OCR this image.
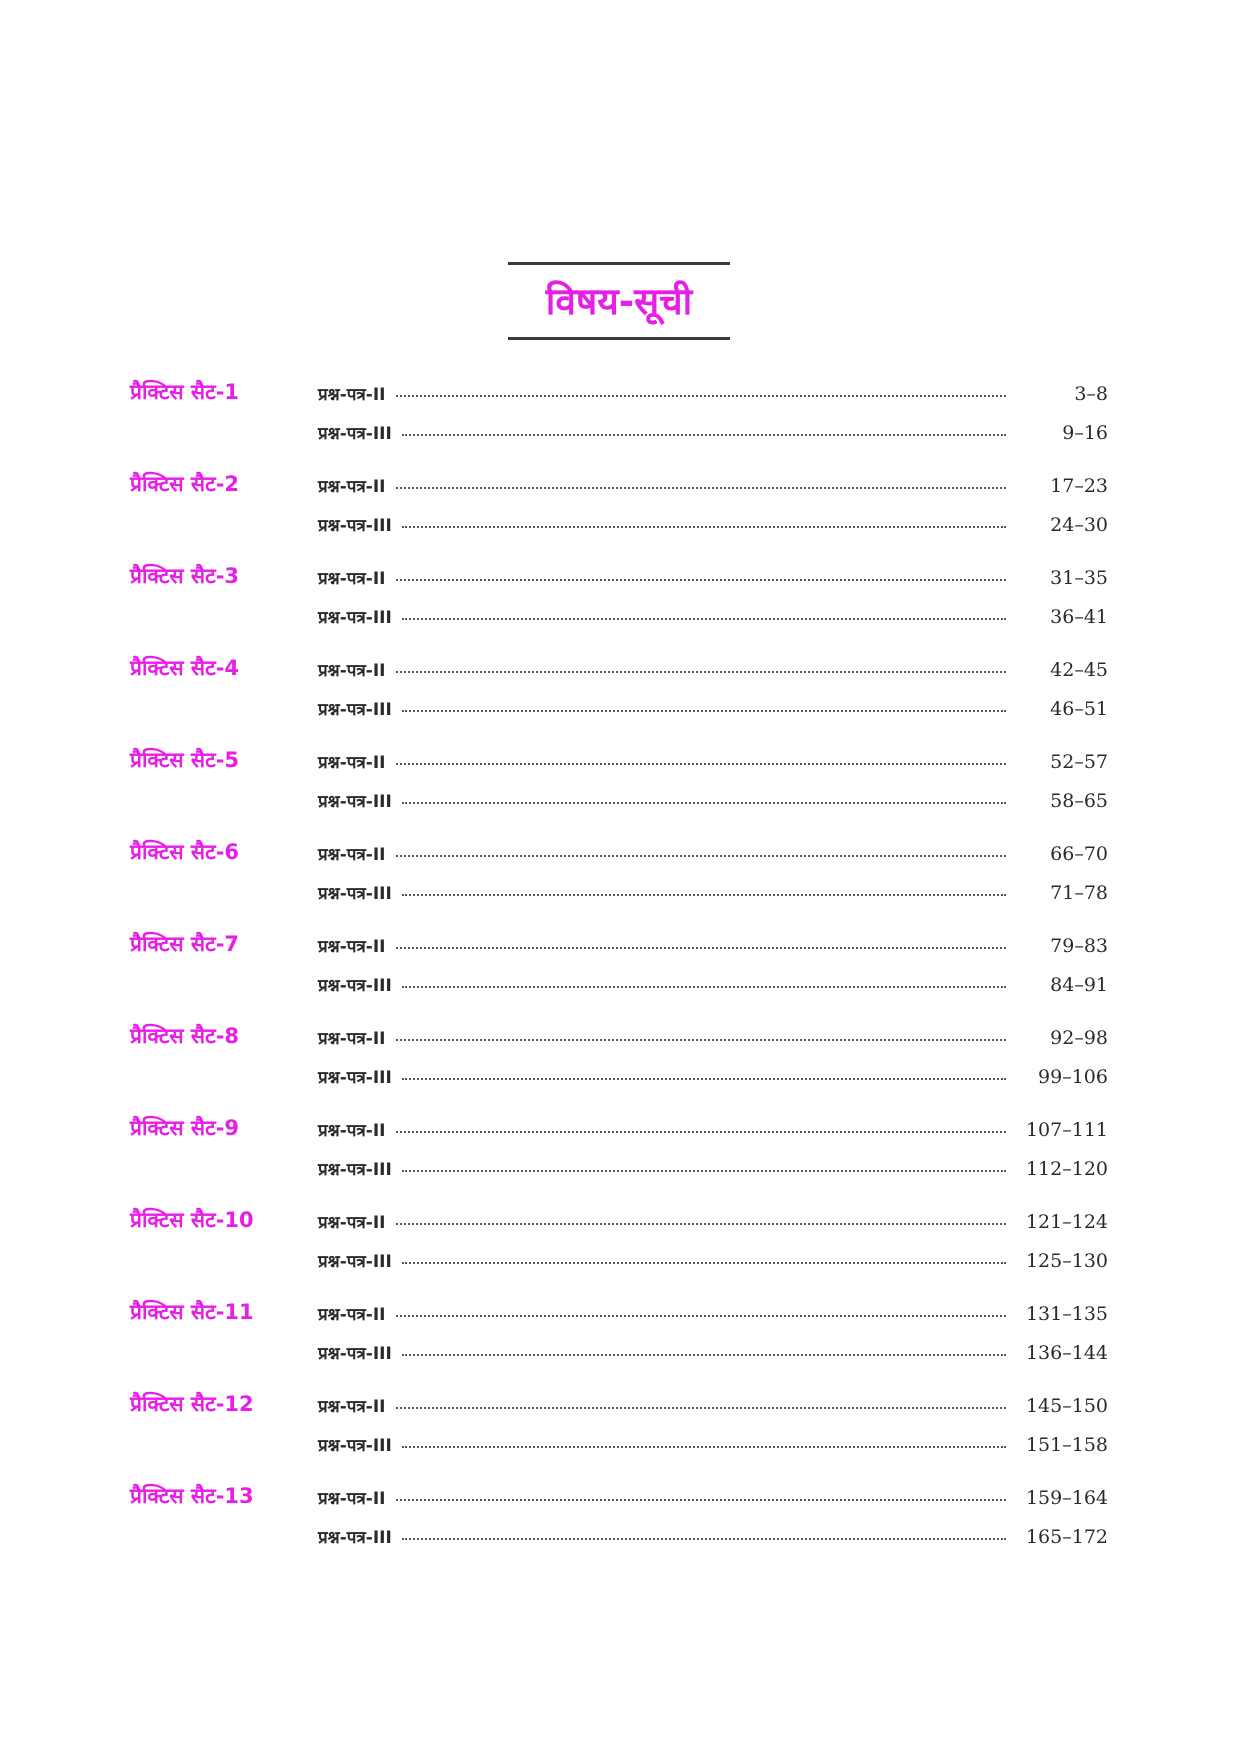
विषय-सूची
प्रैक्टिस सैट-1	प्रश्न-पत्र-II	3–8
प्रश्न-पत्र-III	9–16
प्रैक्टिस सैट-2	प्रश्न-पत्र-II	17–23
प्रश्न-पत्र-III	24–30
प्रैक्टिस सैट-3	प्रश्न-पत्र-II	31–35
प्रश्न-पत्र-III	36–41
प्रैक्टिस सैट-4	प्रश्न-पत्र-II	42–45
प्रश्न-पत्र-III	46–51
प्रैक्टिस सैट-5	प्रश्न-पत्र-II	52–57
प्रश्न-पत्र-III	58–65
प्रैक्टिस सैट-6	प्रश्न-पत्र-II	66–70
प्रश्न-पत्र-III	71–78
प्रैक्टिस सैट-7	प्रश्न-पत्र-II	79–83
प्रश्न-पत्र-III	84–91
प्रैक्टिस सैट-8	प्रश्न-पत्र-II	92–98
प्रश्न-पत्र-III	99–106
प्रैक्टिस सैट-9	प्रश्न-पत्र-II	107–111
प्रश्न-पत्र-III	112–120
प्रैक्टिस सैट-10	प्रश्न-पत्र-II	121–124
प्रश्न-पत्र-III	125–130
प्रैक्टिस सैट-11	प्रश्न-पत्र-II	131–135
प्रश्न-पत्र-III	136–144
प्रैक्टिस सैट-12	प्रश्न-पत्र-II	145–150
प्रश्न-पत्र-III	151–158
प्रैक्टिस सैट-13	प्रश्न-पत्र-II	159–164
प्रश्न-पत्र-III	165–172
